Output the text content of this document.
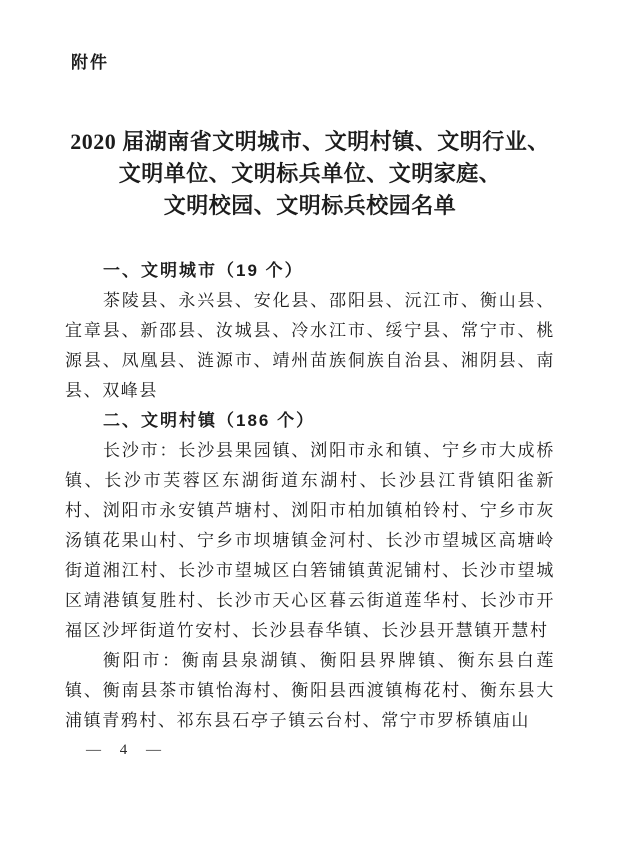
附件
2020 届湖南省文明城市、文明村镇、文明行业、
文明单位、文明标兵单位、文明家庭、
文明校园、文明标兵校园名单
一、文明城市（19 个）

茶陵县、永兴县、安化县、邵阳县、沅江市、衡山县、宜章县、新邵县、汝城县、冷水江市、绥宁县、常宁市、桃源县、凤凰县、涟源市、靖州苗族侗族自治县、湘阴县、南县、双峰县

二、文明村镇（186 个）

长沙市：长沙县果园镇、浏阳市永和镇、宁乡市大成桥镇、长沙市芙蓉区东湖街道东湖村、长沙县江背镇阳雀新村、浏阳市永安镇芦塘村、浏阳市柏加镇柏铃村、宁乡市灰汤镇花果山村、宁乡市坝塘镇金河村、长沙市望城区高塘岭街道湘江村、长沙市望城区白箬铺镇黄泥铺村、长沙市望城区靖港镇复胜村、长沙市天心区暮云街道莲华村、长沙市开福区沙坪街道竹安村、长沙县春华镇、长沙县开慧镇开慧村

衡阳市：衡南县泉湖镇、衡阳县界牌镇、衡东县白莲镇、衡南县茶市镇怡海村、衡阳县西渡镇梅花村、衡东县大浦镇青鸦村、祁东县石亭子镇云台村、常宁市罗桥镇庙山

— 4 —
